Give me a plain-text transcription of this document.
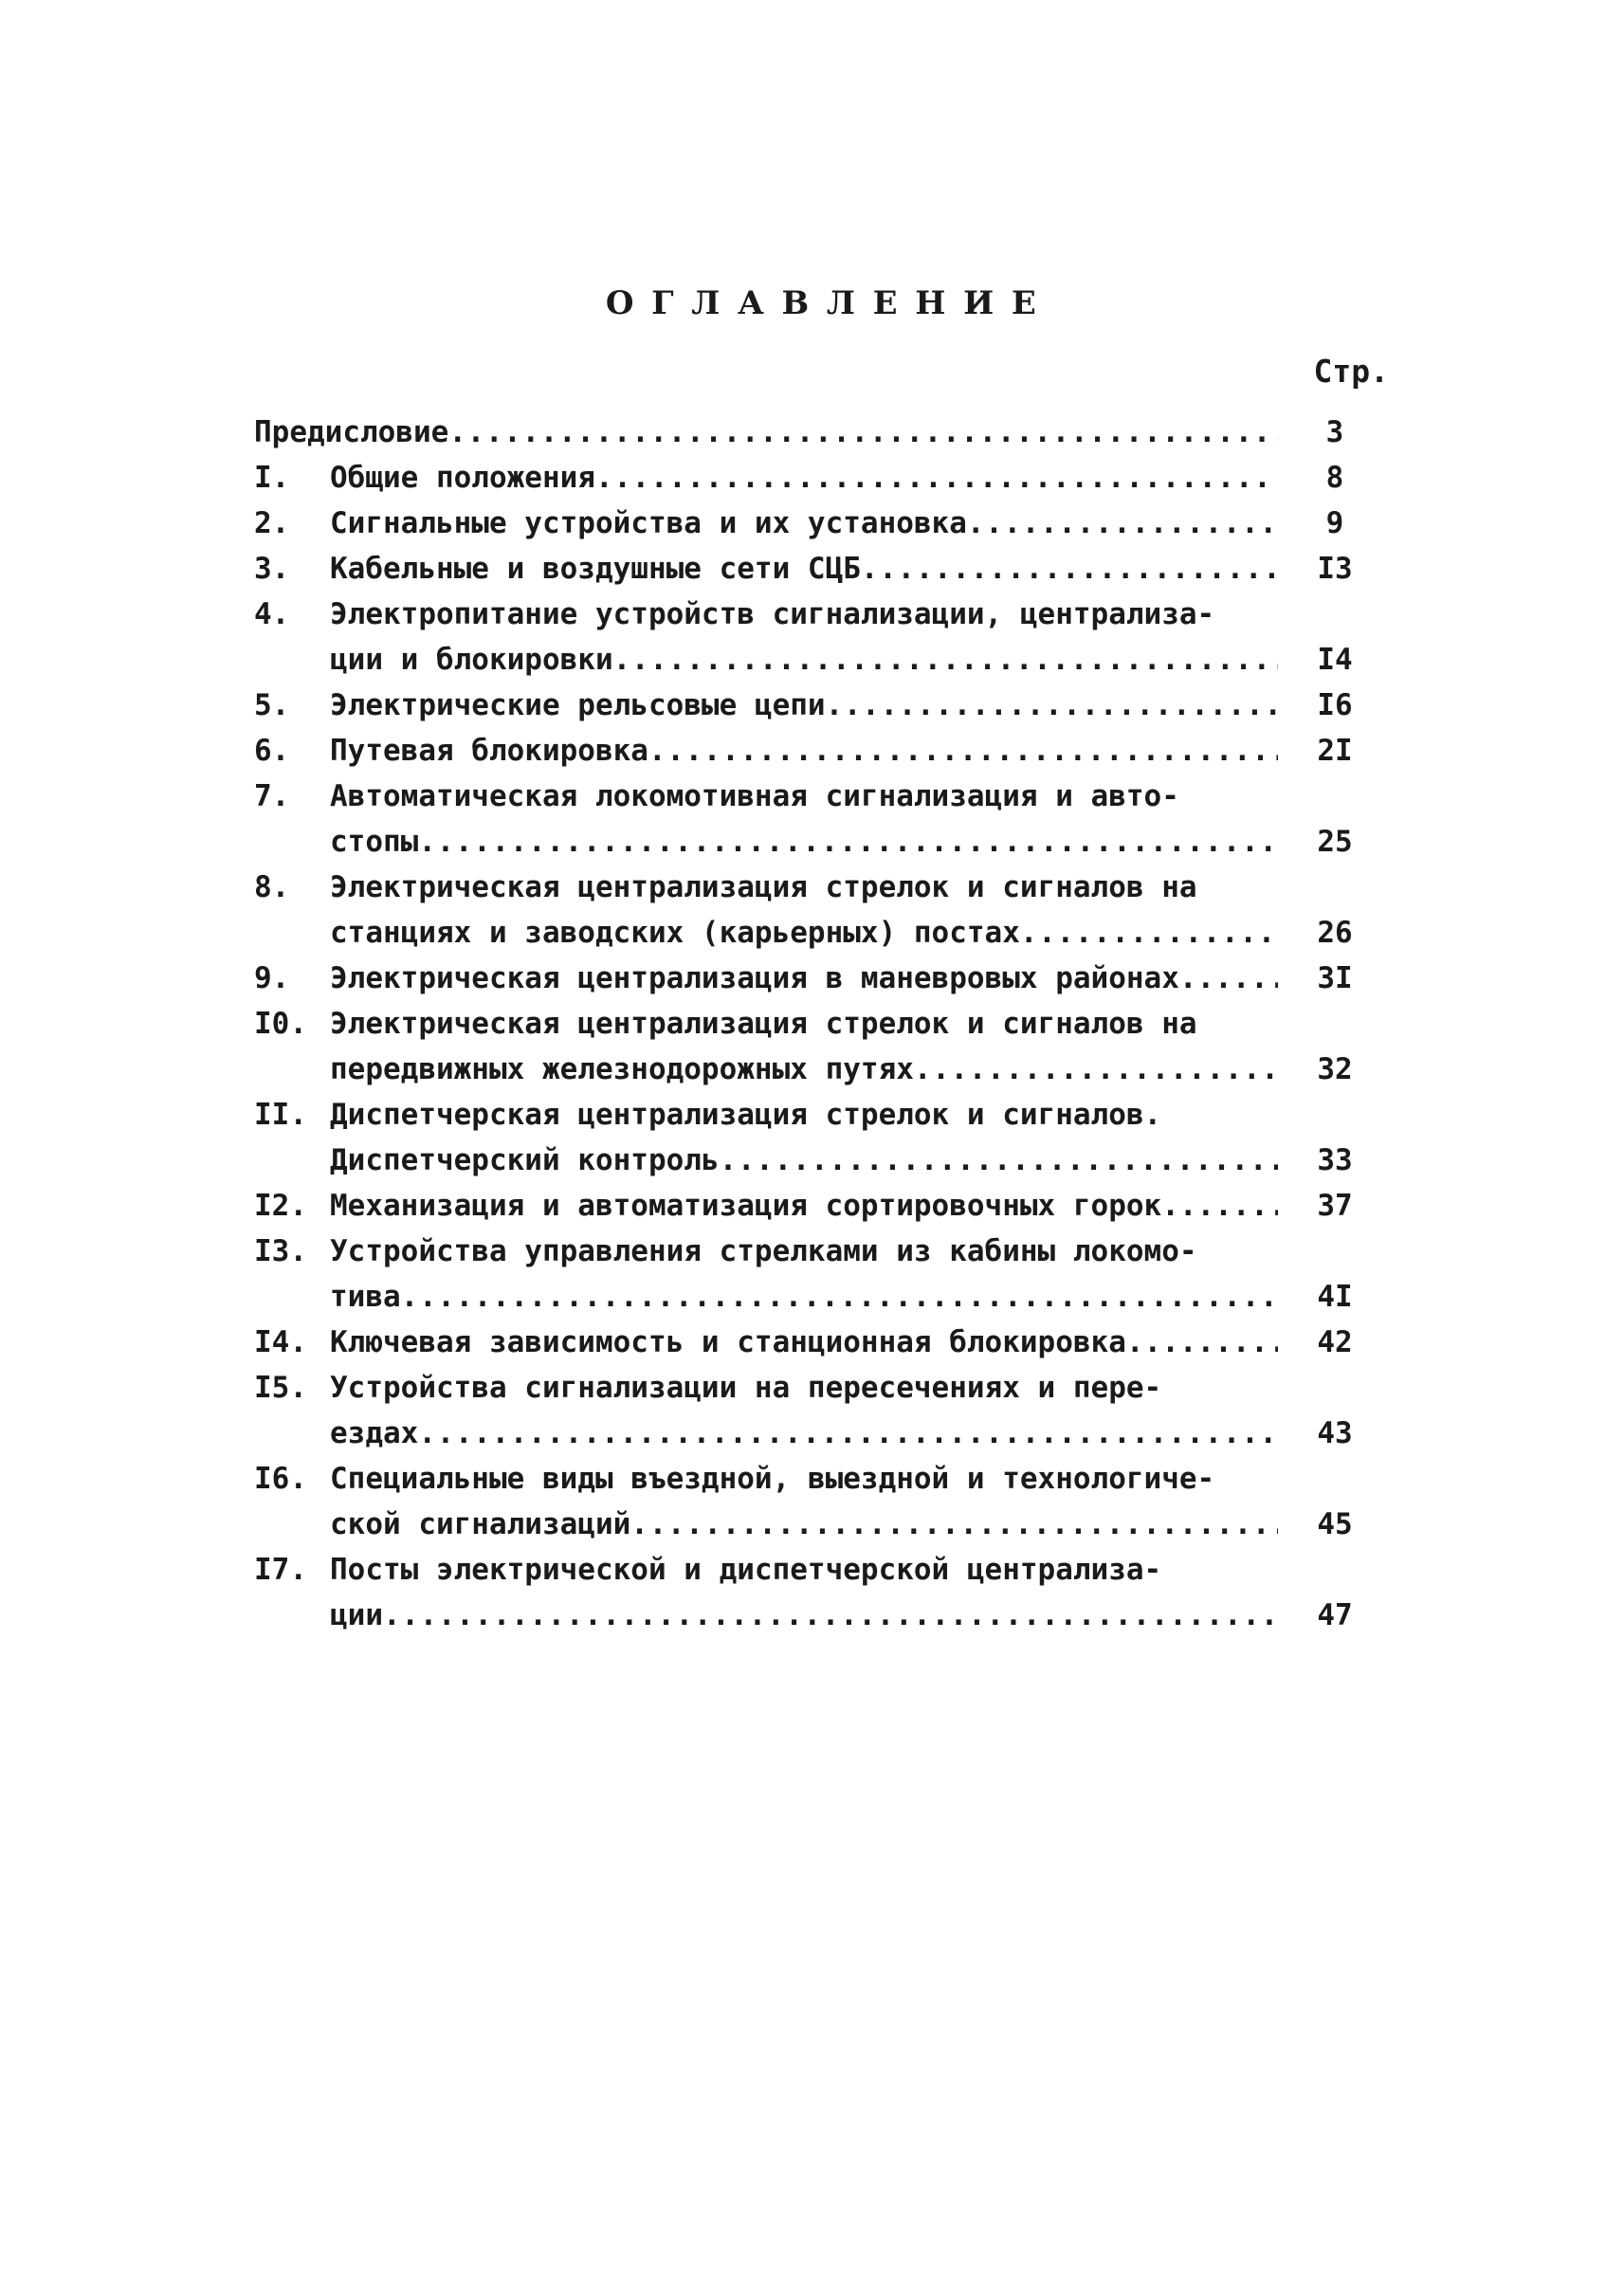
ОГЛАВЛЕНИЕ
Стр.
Предисловие .....	3
I. Общие положения .....	8
2. Сигнальные устройства и их установка .....	9
3. Кабельные и воздушные сети СЦБ .....	I3
4. Электропитание устройств сигнализации, централиза-
ции и блокировки .....	I4
5. Электрические рельсовые цепи .....	I6
6. Путевая блокировка .....	2I
7. Автоматическая локомотивная сигнализация и авто-
стопы .....	25
8. Электрическая централизация стрелок и сигналов на
станциях и заводских (карьерных) постах .....	26
9. Электрическая централизация в маневровых районах... .....	3I
I0. Электрическая централизация стрелок и сигналов на
передвижных железнодорожных путях .....	32
II. Диспетчерская централизация стрелок и сигналов.
Диспетчерский контроль .....	33
I2. Механизация и автоматизация сортировочных горок.... .....	37
I3. Устройства управления стрелками из кабины локомо-
тива .....	4I
I4. Ключевая зависимость и станционная блокировка...... .....	42
I5. Устройства сигнализации на пересечениях и пере-
ездах .....	43
I6. Специальные виды въездной, выездной и технологиче-
ской сигнализаций .....	45
I7. Посты электрической и диспетчерской централиза-
ции .....	47
